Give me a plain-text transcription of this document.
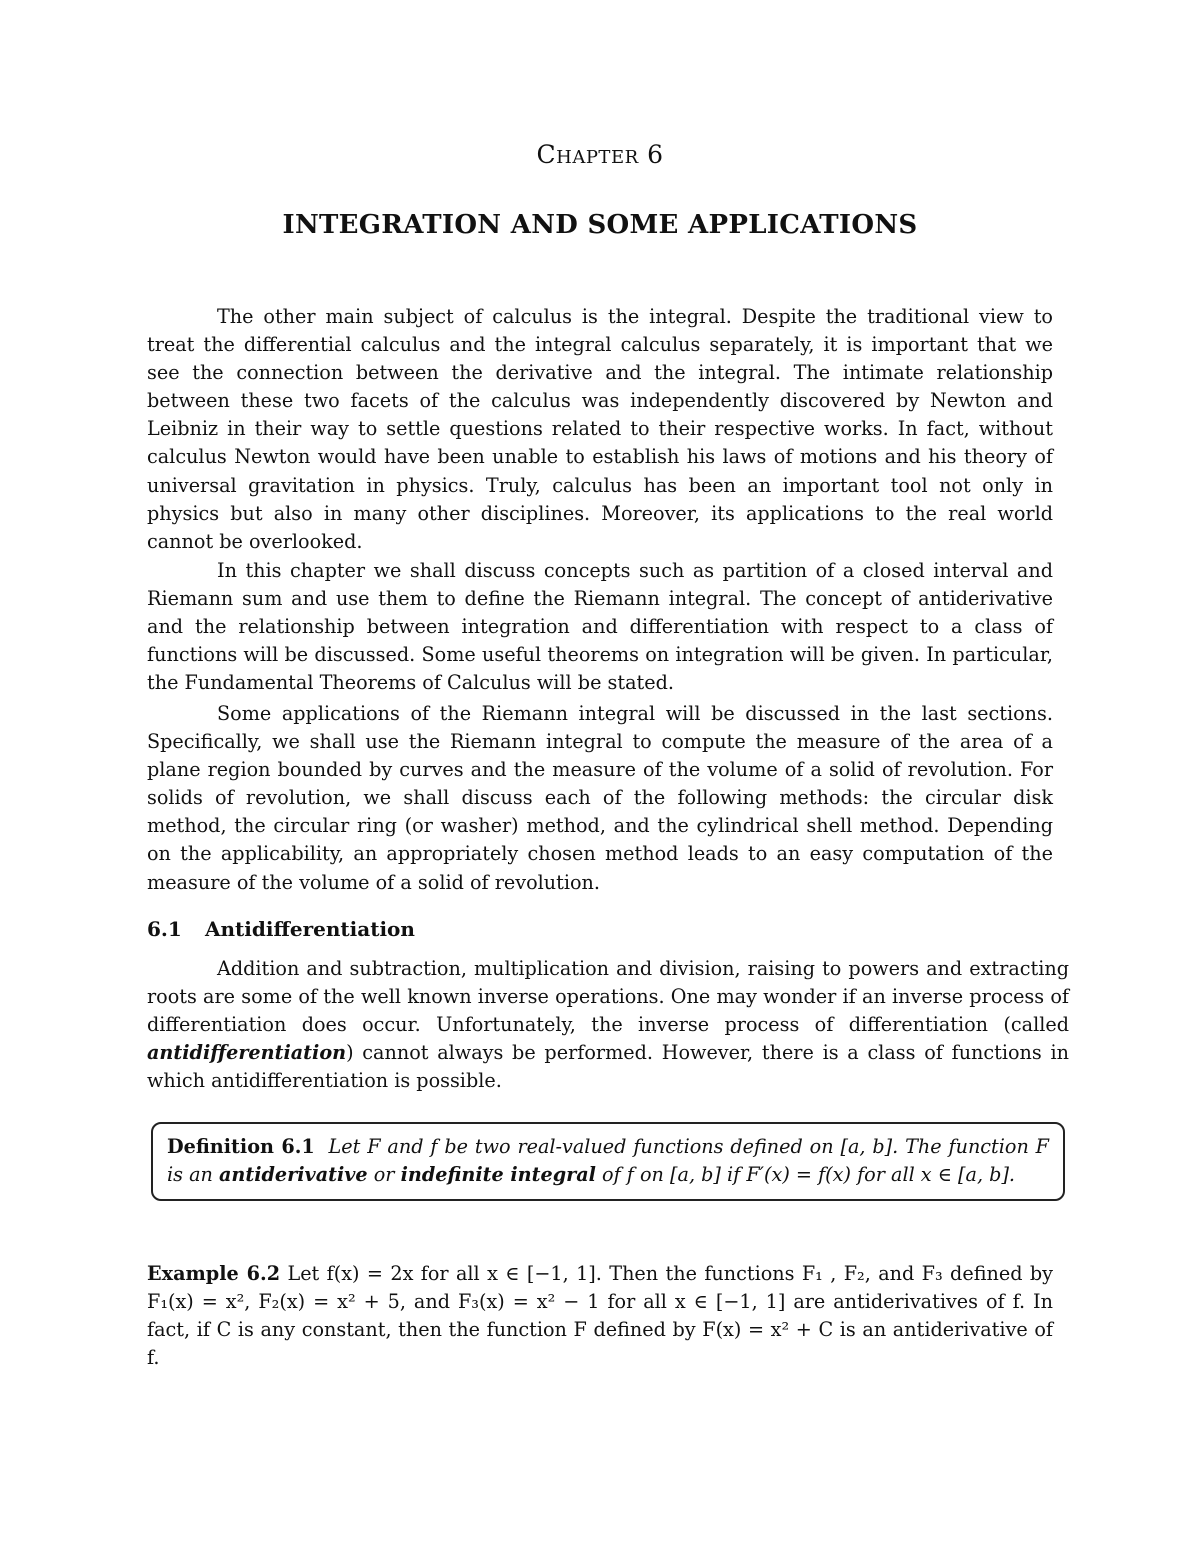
Chapter 6
INTEGRATION AND SOME APPLICATIONS

The other main subject of calculus is the integral. Despite the traditional view to treat the differential calculus and the integral calculus separately, it is important that we see the connection between the derivative and the integral. The intimate relationship between these two facets of the calculus was independently discovered by Newton and Leibniz in their way to settle questions related to their respective works. In fact, without calculus Newton would have been unable to establish his laws of motions and his theory of universal gravitation in physics. Truly, calculus has been an important tool not only in physics but also in many other disciplines. Moreover, its applications to the real world cannot be overlooked.

In this chapter we shall discuss concepts such as partition of a closed interval and Riemann sum and use them to define the Riemann integral. The concept of antiderivative and the relationship between integration and differentiation with respect to a class of functions will be discussed. Some useful theorems on integration will be given. In particular, the Fundamental Theorems of Calculus will be stated.

Some applications of the Riemann integral will be discussed in the last sections. Specifically, we shall use the Riemann integral to compute the measure of the area of a plane region bounded by curves and the measure of the volume of a solid of revolution. For solids of revolution, we shall discuss each of the following methods: the circular disk method, the circular ring (or washer) method, and the cylindrical shell method. Depending on the applicability, an appropriately chosen method leads to an easy computation of the measure of the volume of a solid of revolution.

6.1 Antidifferentiation

Addition and subtraction, multiplication and division, raising to powers and extracting roots are some of the well known inverse operations. One may wonder if an inverse process of differentiation does occur. Unfortunately, the inverse process of differentiation (called antidifferentiation) cannot always be performed. However, there is a class of functions in which antidifferentiation is possible.

Definition 6.1 Let F and f be two real-valued functions defined on [a, b]. The function F is an antiderivative or indefinite integral of f on [a, b] if F′(x) = f(x) for all x ∈ [a, b].

Example 6.2 Let f(x) = 2x for all x ∈ [−1, 1]. Then the functions F₁ , F₂, and F₃ defined by F₁(x) = x², F₂(x) = x² + 5, and F₃(x) = x² − 1 for all x ∈ [−1, 1] are antiderivatives of f. In fact, if C is any constant, then the function F defined by F(x) = x² + C is an antiderivative of f.
